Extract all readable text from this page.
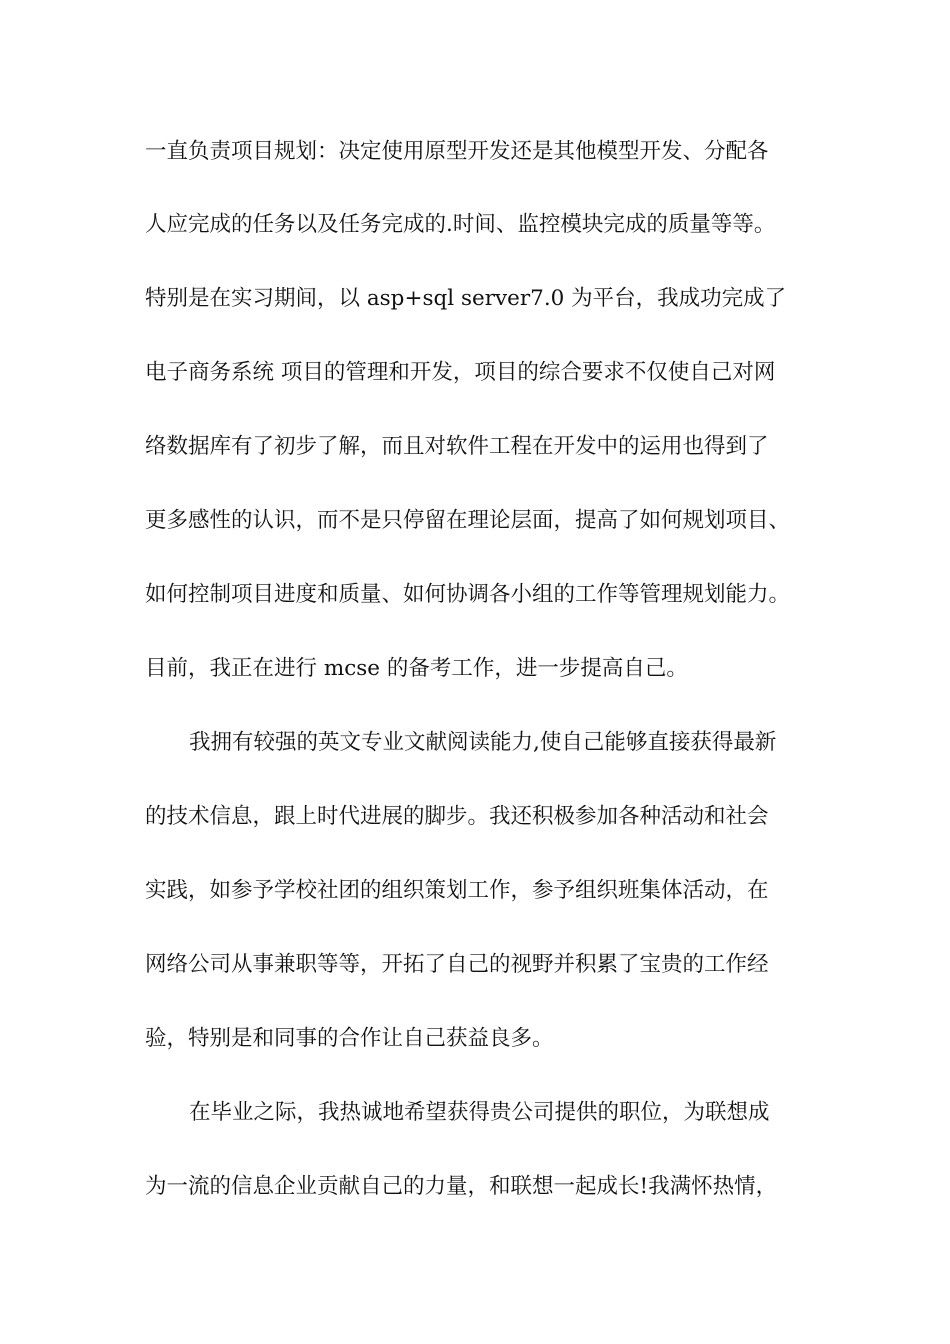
一直负责项目规划：决定使用原型开发还是其他模型开发、分配各
人应完成的任务以及任务完成的.时间、监控模块完成的质量等等。
特别是在实习期间，以 asp+sql server7.0 为平台，我成功完成了
电子商务系统 项目的管理和开发，项目的综合要求不仅使自己对网
络数据库有了初步了解，而且对软件工程在开发中的运用也得到了
更多感性的认识，而不是只停留在理论层面，提高了如何规划项目、
如何控制项目进度和质量、如何协调各小组的工作等管理规划能力。
目前，我正在进行 mcse 的备考工作，进一步提高自己。
我拥有较强的英文专业文献阅读能力,使自己能够直接获得最新
的技术信息，跟上时代进展的脚步。我还积极参加各种活动和社会
实践，如参予学校社团的组织策划工作，参予组织班集体活动，在
网络公司从事兼职等等，开拓了自己的视野并积累了宝贵的工作经
验，特别是和同事的合作让自己获益良多。
在毕业之际，我热诚地希望获得贵公司提供的职位，为联想成
为一流的信息企业贡献自己的力量，和联想一起成长!我满怀热情，
